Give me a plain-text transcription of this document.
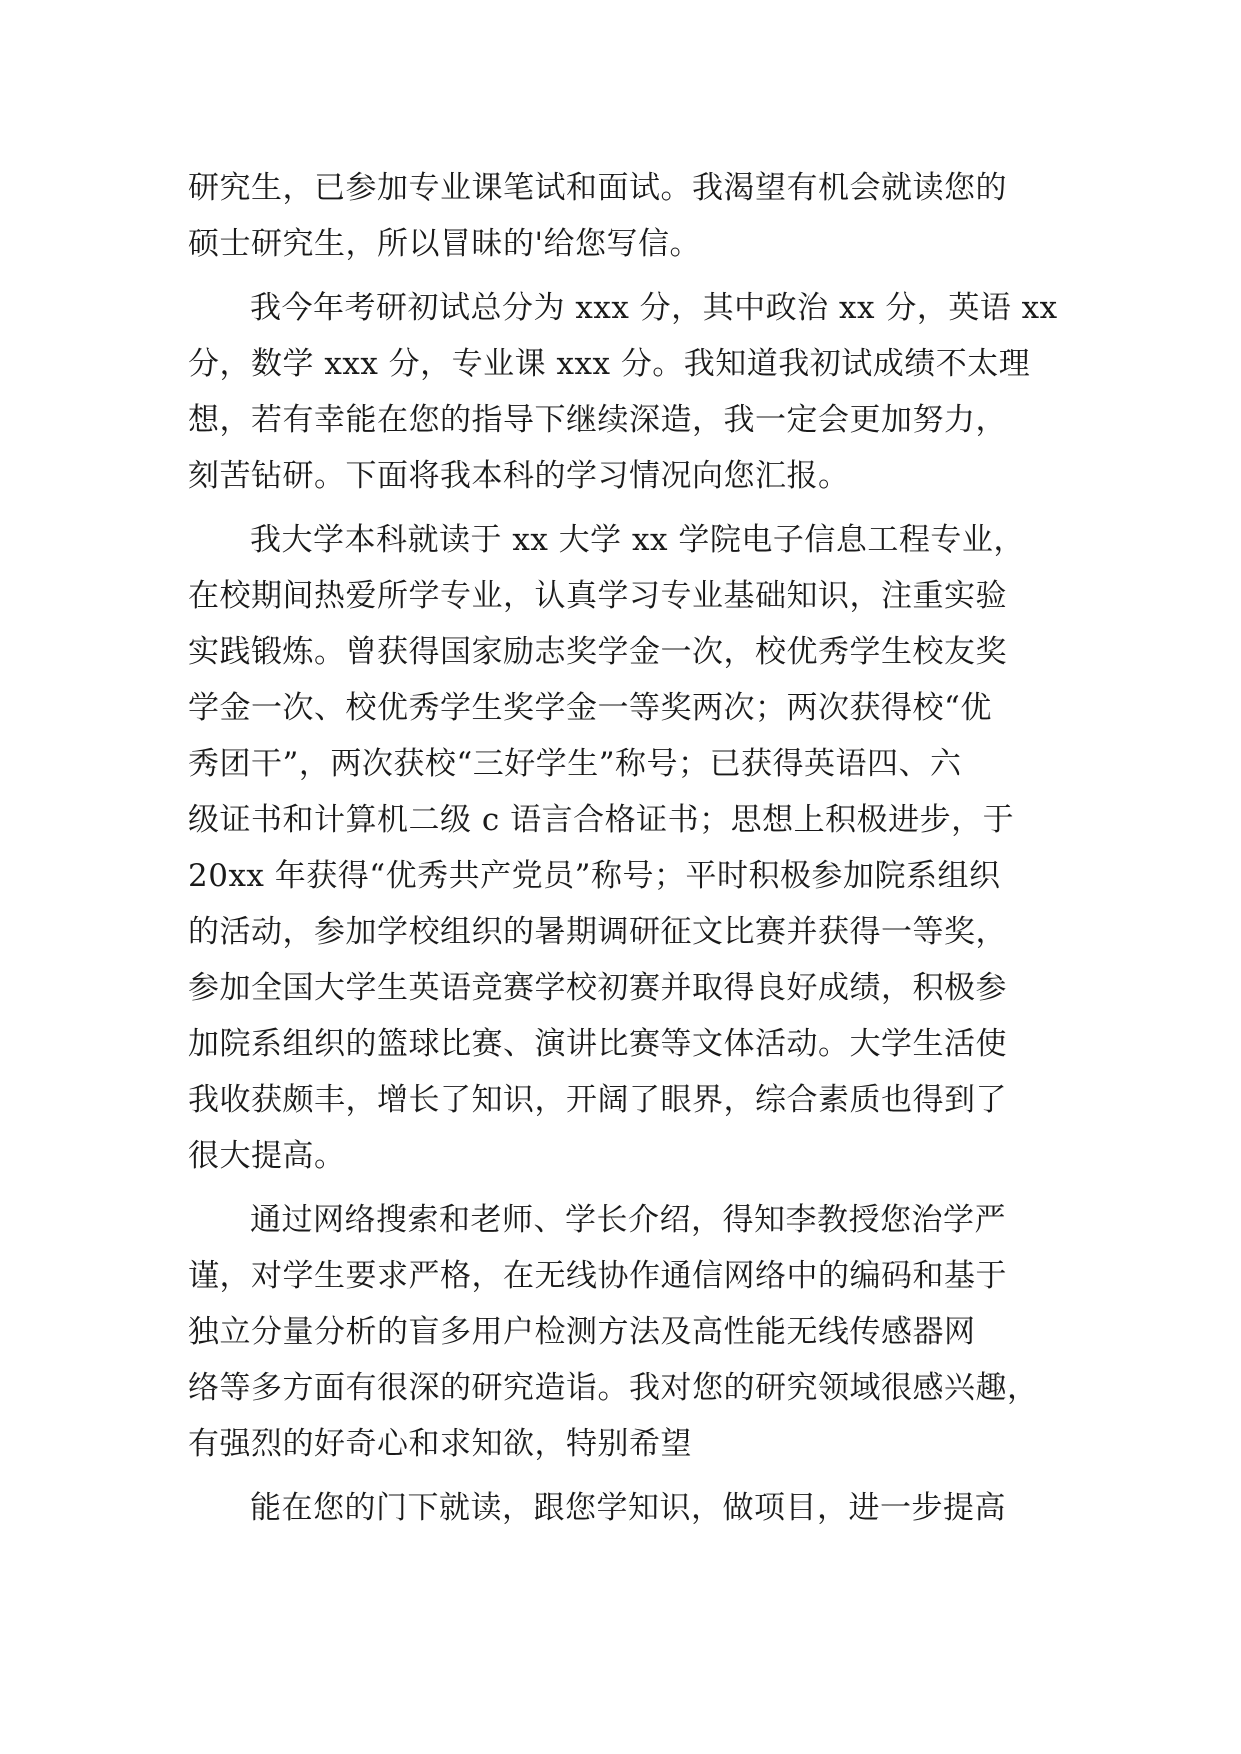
研究生，已参加专业课笔试和面试。我渴望有机会就读您的
硕士研究生，所以冒昧的'给您写信。
我今年考研初试总分为 xxx 分，其中政治 xx 分，英语 xx
分，数学 xxx 分，专业课 xxx 分。我知道我初试成绩不太理
想，若有幸能在您的指导下继续深造，我一定会更加努力，
刻苦钻研。下面将我本科的学习情况向您汇报。
我大学本科就读于 xx 大学 xx 学院电子信息工程专业，
在校期间热爱所学专业，认真学习专业基础知识，注重实验
实践锻炼。曾获得国家励志奖学金一次，校优秀学生校友奖
学金一次、校优秀学生奖学金一等奖两次；两次获得校“优
秀团干”，两次获校“三好学生”称号；已获得英语四、六
级证书和计算机二级 c 语言合格证书；思想上积极进步，于
20xx 年获得“优秀共产党员”称号；平时积极参加院系组织
的活动，参加学校组织的暑期调研征文比赛并获得一等奖，
参加全国大学生英语竞赛学校初赛并取得良好成绩，积极参
加院系组织的篮球比赛、演讲比赛等文体活动。大学生活使
我收获颇丰，增长了知识，开阔了眼界，综合素质也得到了
很大提高。
通过网络搜索和老师、学长介绍，得知李教授您治学严
谨，对学生要求严格，在无线协作通信网络中的编码和基于
独立分量分析的盲多用户检测方法及高性能无线传感器网
络等多方面有很深的研究造诣。我对您的研究领域很感兴趣，
有强烈的好奇心和求知欲，特别希望
能在您的门下就读，跟您学知识，做项目，进一步提高
